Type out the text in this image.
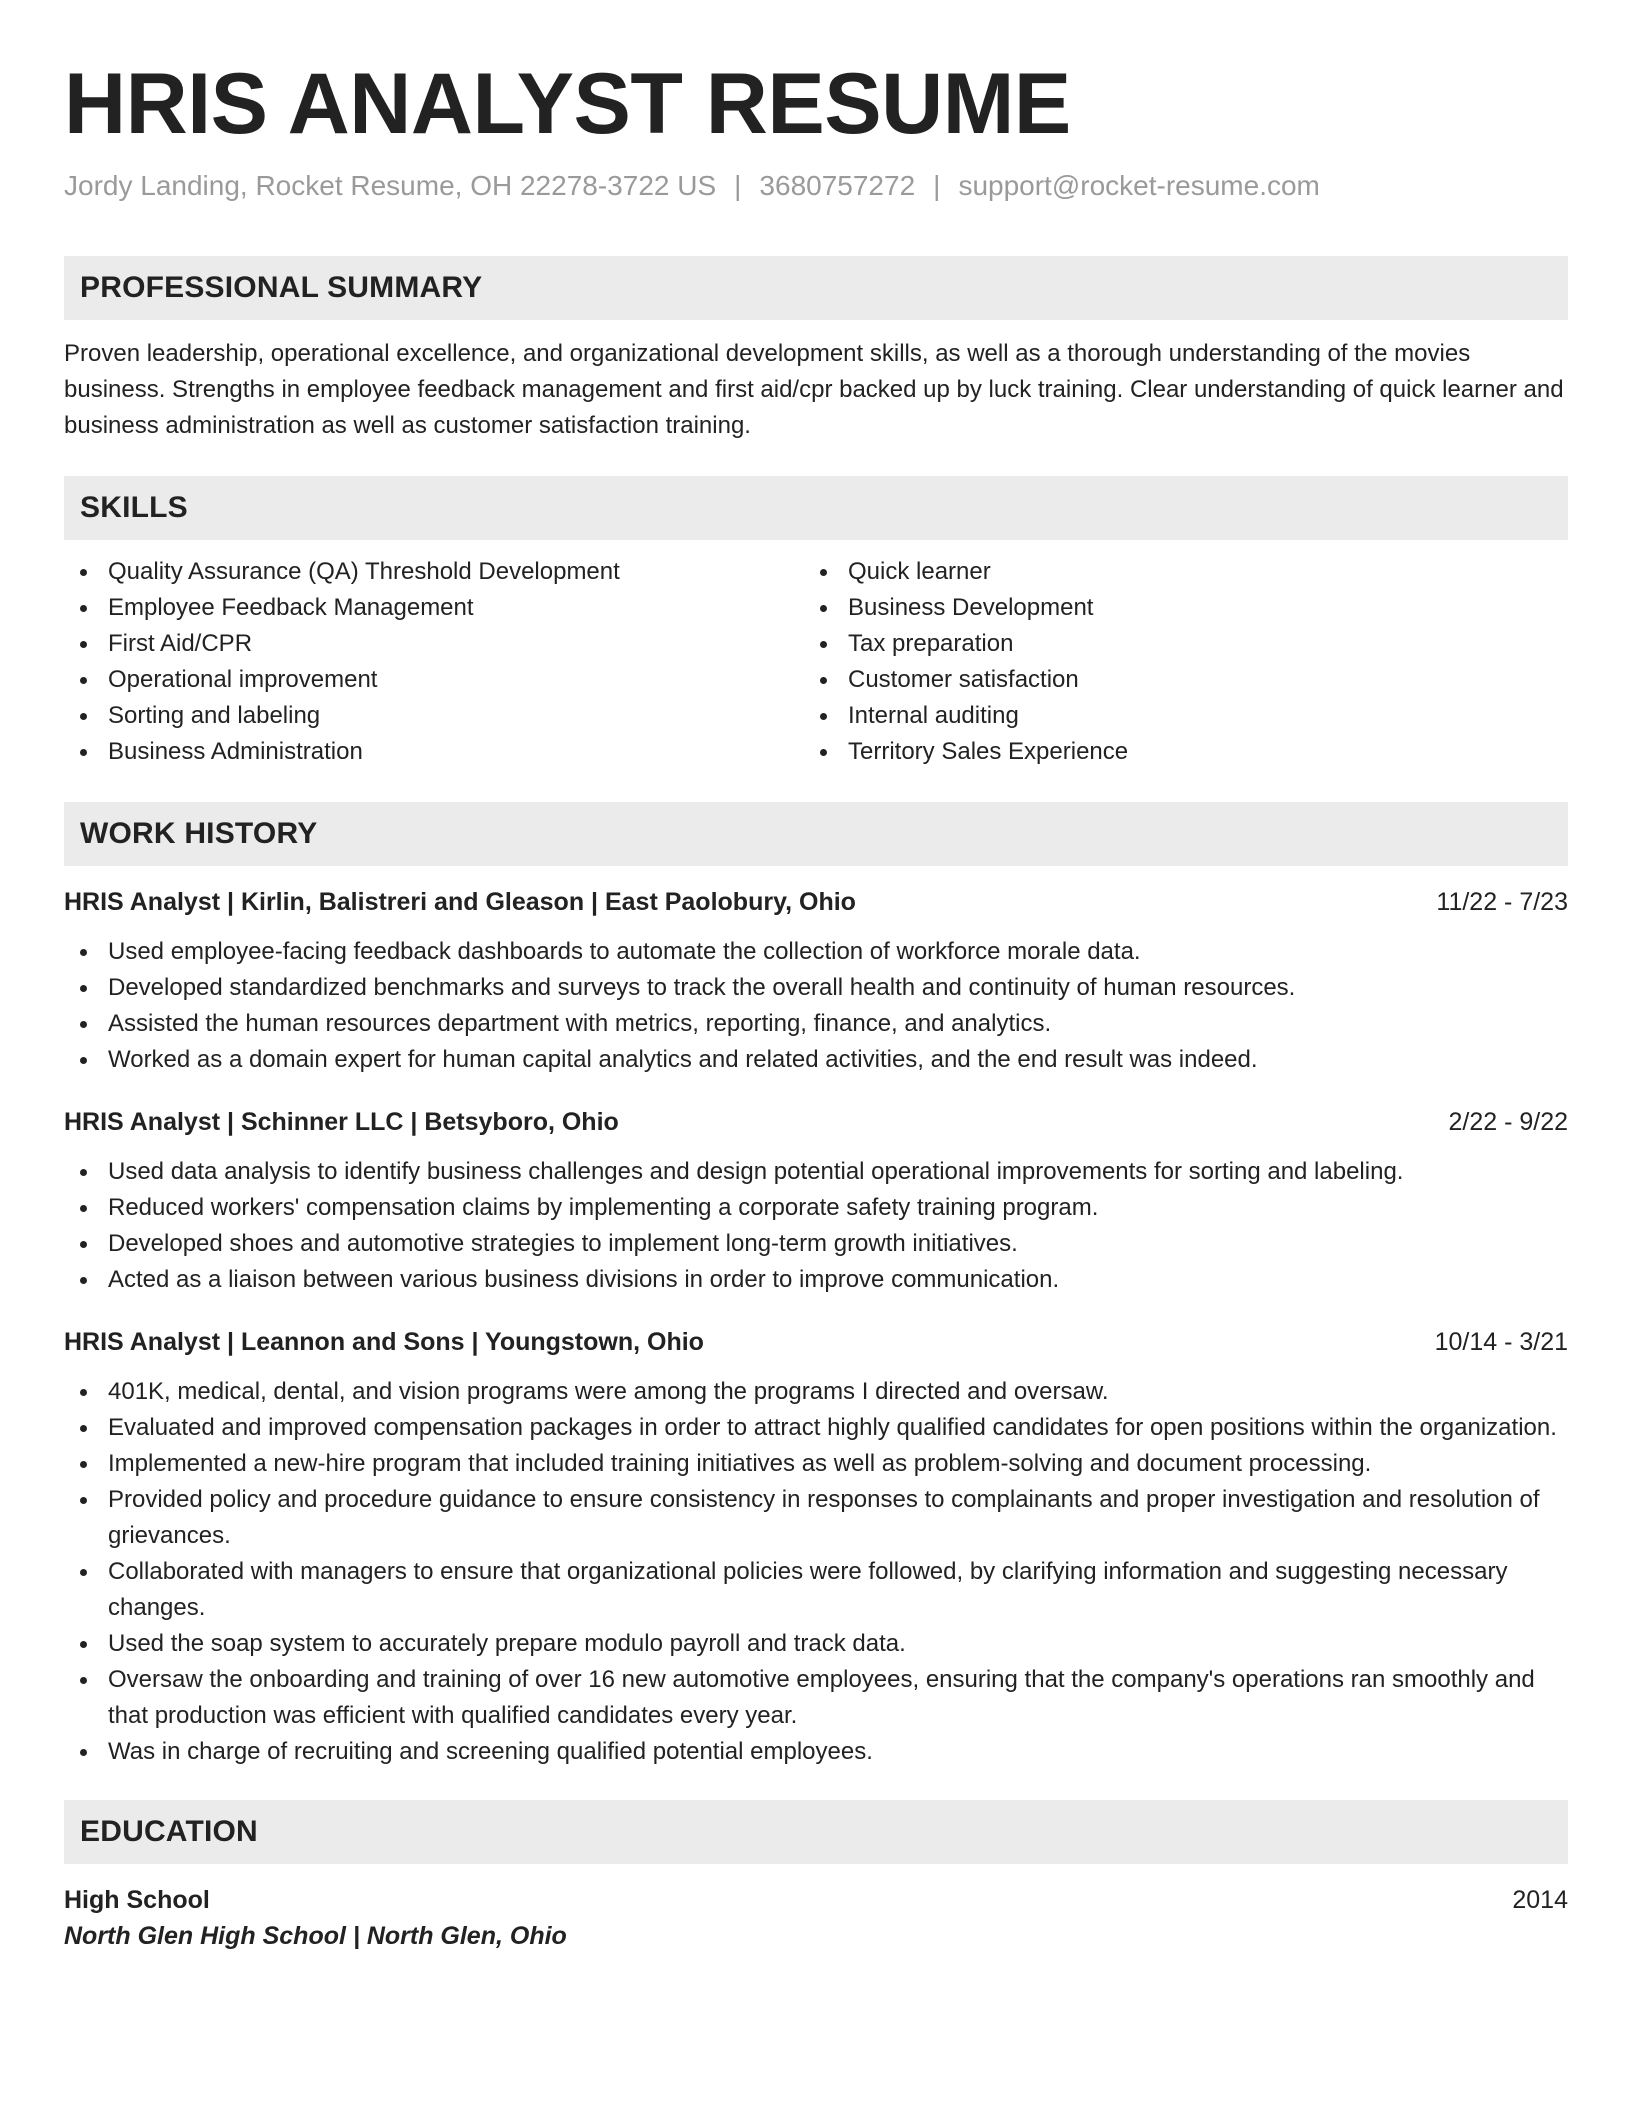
HRIS ANALYST RESUME
Jordy Landing, Rocket Resume, OH 22278-3722 US | 3680757272 | support@rocket-resume.com
PROFESSIONAL SUMMARY
Proven leadership, operational excellence, and organizational development skills, as well as a thorough understanding of the movies business. Strengths in employee feedback management and first aid/cpr backed up by luck training. Clear understanding of quick learner and business administration as well as customer satisfaction training.
SKILLS
Quality Assurance (QA) Threshold Development
Employee Feedback Management
First Aid/CPR
Operational improvement
Sorting and labeling
Business Administration
Quick learner
Business Development
Tax preparation
Customer satisfaction
Internal auditing
Territory Sales Experience
WORK HISTORY
HRIS Analyst | Kirlin, Balistreri and Gleason | East Paolobury, Ohio	11/22 - 7/23
Used employee-facing feedback dashboards to automate the collection of workforce morale data.
Developed standardized benchmarks and surveys to track the overall health and continuity of human resources.
Assisted the human resources department with metrics, reporting, finance, and analytics.
Worked as a domain expert for human capital analytics and related activities, and the end result was indeed.
HRIS Analyst | Schinner LLC | Betsyboro, Ohio	2/22 - 9/22
Used data analysis to identify business challenges and design potential operational improvements for sorting and labeling.
Reduced workers' compensation claims by implementing a corporate safety training program.
Developed shoes and automotive strategies to implement long-term growth initiatives.
Acted as a liaison between various business divisions in order to improve communication.
HRIS Analyst | Leannon and Sons | Youngstown, Ohio	10/14 - 3/21
401K, medical, dental, and vision programs were among the programs I directed and oversaw.
Evaluated and improved compensation packages in order to attract highly qualified candidates for open positions within the organization.
Implemented a new-hire program that included training initiatives as well as problem-solving and document processing.
Provided policy and procedure guidance to ensure consistency in responses to complainants and proper investigation and resolution of grievances.
Collaborated with managers to ensure that organizational policies were followed, by clarifying information and suggesting necessary changes.
Used the soap system to accurately prepare modulo payroll and track data.
Oversaw the onboarding and training of over 16 new automotive employees, ensuring that the company's operations ran smoothly and that production was efficient with qualified candidates every year.
Was in charge of recruiting and screening qualified potential employees.
EDUCATION
High School	2014
North Glen High School | North Glen, Ohio
